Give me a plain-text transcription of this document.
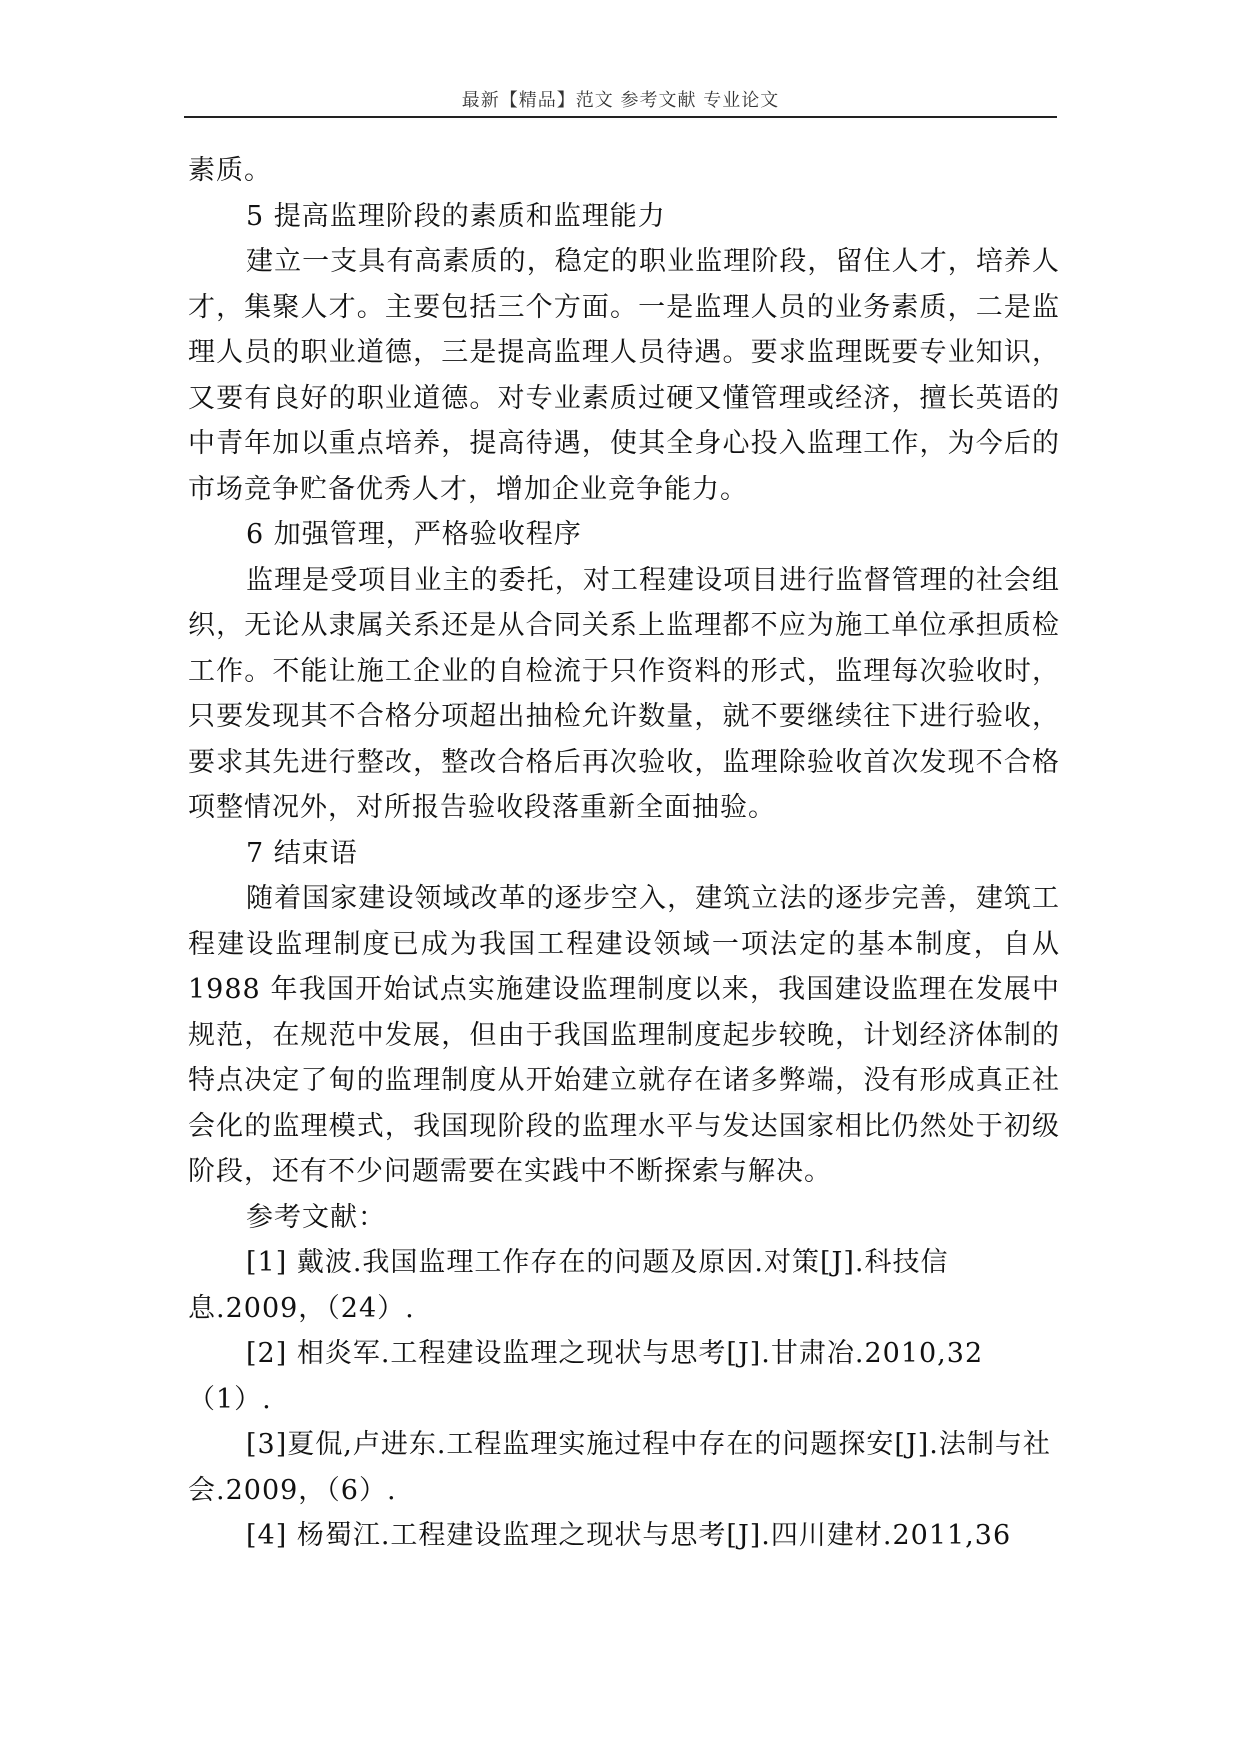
最新【精品】范文 参考文献 专业论文

素质。

5 提高监理阶段的素质和监理能力

建立一支具有高素质的，稳定的职业监理阶段，留住人才，培养人才，集聚人才。主要包括三个方面。一是监理人员的业务素质，二是监理人员的职业道德，三是提高监理人员待遇。要求监理既要专业知识，又要有良好的职业道德。对专业素质过硬又懂管理或经济，擅长英语的中青年加以重点培养，提高待遇，使其全身心投入监理工作，为今后的市场竞争贮备优秀人才，增加企业竞争能力。

6 加强管理，严格验收程序

监理是受项目业主的委托，对工程建设项目进行监督管理的社会组织，无论从隶属关系还是从合同关系上监理都不应为施工单位承担质检工作。不能让施工企业的自检流于只作资料的形式，监理每次验收时，只要发现其不合格分项超出抽检允许数量，就不要继续往下进行验收，要求其先进行整改，整改合格后再次验收，监理除验收首次发现不合格项整情况外，对所报告验收段落重新全面抽验。

7 结束语

随着国家建设领域改革的逐步空入，建筑立法的逐步完善，建筑工程建设监理制度已成为我国工程建设领域一项法定的基本制度，自从 1988 年我国开始试点实施建设监理制度以来，我国建设监理在发展中规范，在规范中发展，但由于我国监理制度起步较晚，计划经济体制的特点决定了甸的监理制度从开始建立就存在诸多弊端，没有形成真正社会化的监理模式，我国现阶段的监理水平与发达国家相比仍然处于初级阶段，还有不少问题需要在实践中不断探索与解决。

参考文献：

[1] 戴波.我国监理工作存在的问题及原因.对策[J].科技信息.2009，（24）.

[2] 相炎军.工程建设监理之现状与思考[J].甘肃冶.2010,32（1）.

[3]夏侃,卢进东.工程监理实施过程中存在的问题探安[J].法制与社会.2009，（6）.

[4] 杨蜀江.工程建设监理之现状与思考[J].四川建材.2011,36
